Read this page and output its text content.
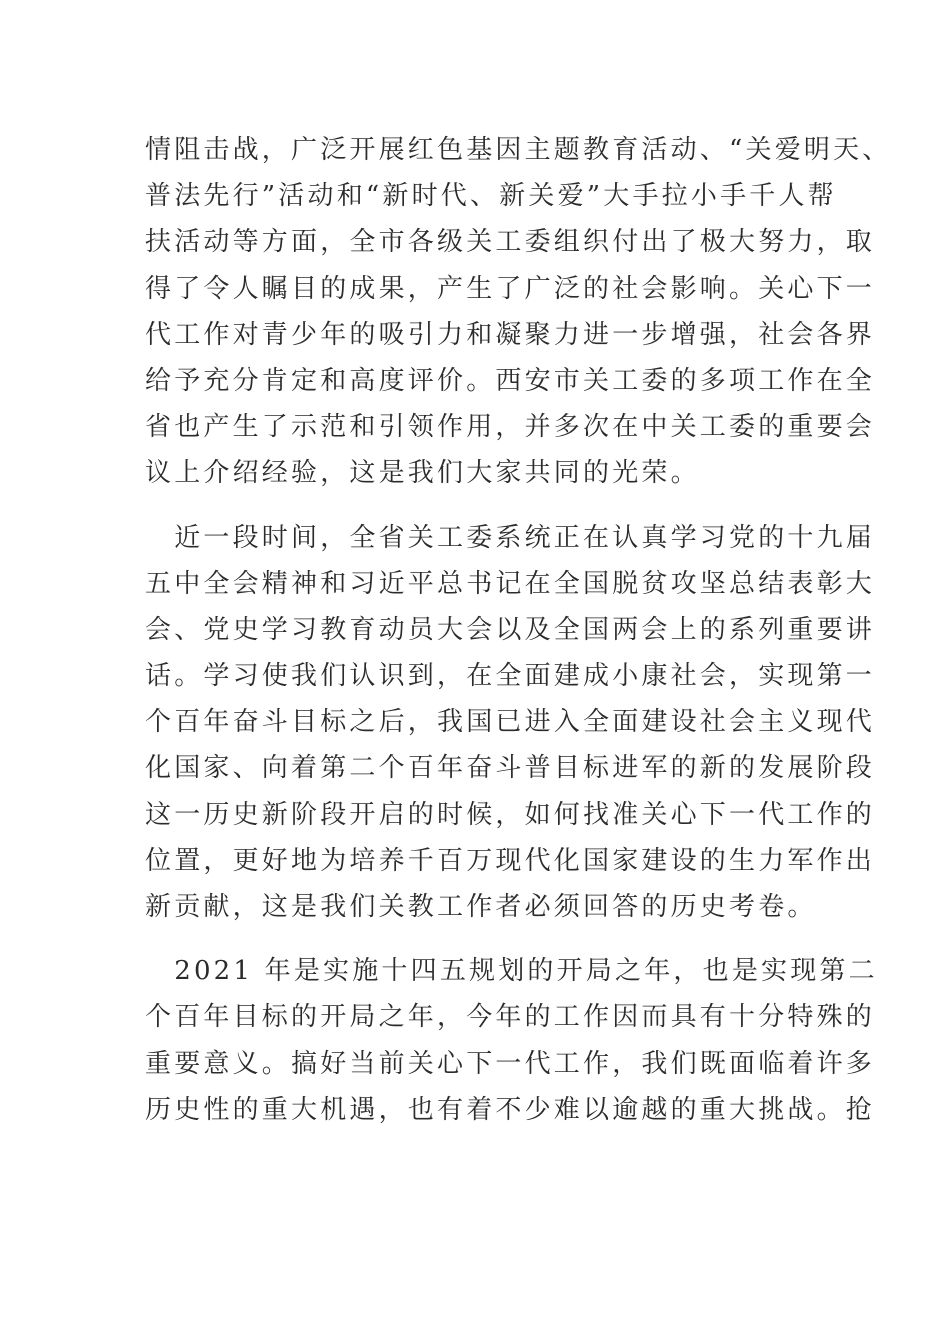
情阻击战，广泛开展红色基因主题教育活动、“关爱明天、
普法先行”活动和“新时代、新关爱”大手拉小手千人帮
扶活动等方面，全市各级关工委组织付出了极大努力，取
得了令人瞩目的成果，产生了广泛的社会影响。关心下一
代工作对青少年的吸引力和凝聚力进一步增强，社会各界
给予充分肯定和高度评价。西安市关工委的多项工作在全
省也产生了示范和引领作用，并多次在中关工委的重要会
议上介绍经验，这是我们大家共同的光荣。
　近一段时间，全省关工委系统正在认真学习党的十九届
五中全会精神和习近平总书记在全国脱贫攻坚总结表彰大
会、党史学习教育动员大会以及全国两会上的系列重要讲
话。学习使我们认识到，在全面建成小康社会，实现第一
个百年奋斗目标之后，我国已进入全面建设社会主义现代
化国家、向着第二个百年奋斗普目标进军的新的发展阶段
这一历史新阶段开启的时候，如何找准关心下一代工作的
位置，更好地为培养千百万现代化国家建设的生力军作出
新贡献，这是我们关教工作者必须回答的历史考卷。
　2021 年是实施十四五规划的开局之年，也是实现第二
个百年目标的开局之年，今年的工作因而具有十分特殊的
重要意义。搞好当前关心下一代工作，我们既面临着许多
历史性的重大机遇，也有着不少难以逾越的重大挑战。抢
